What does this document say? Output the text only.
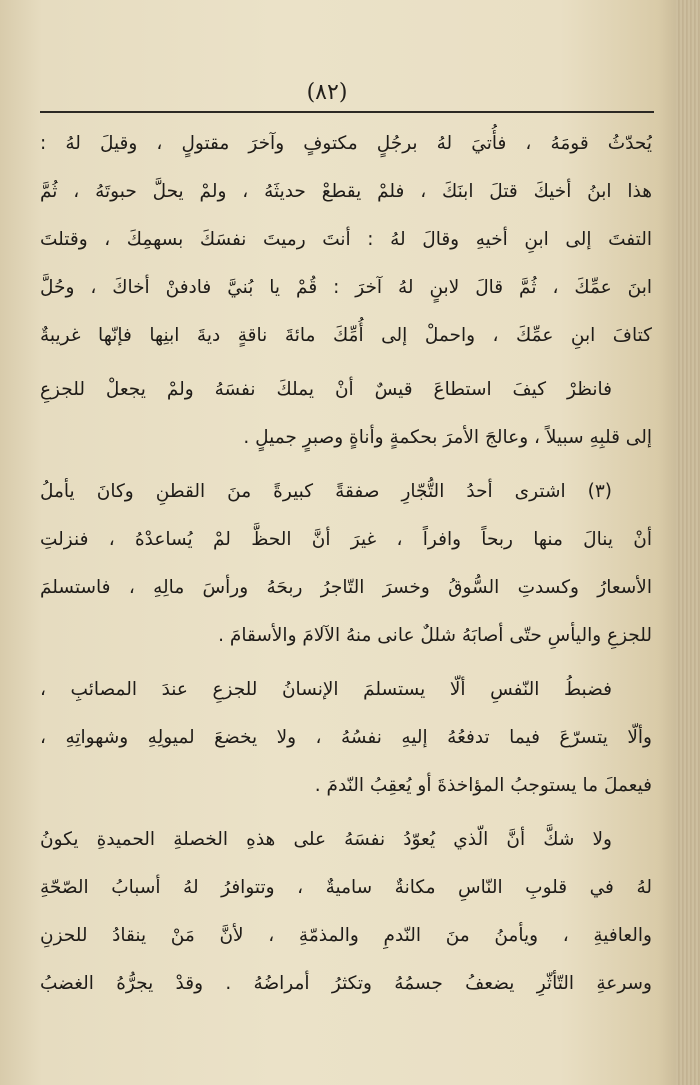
(٨٢)
يُحدّثُ قومَهُ ، فأُتيَ لهُ برجُلٍ مكتوفٍ وآخرَ مقتولٍ ، وقيلَ لهُ :
هذا ابنُ أخيكَ قتلَ ابنَكَ ، فلمْ يقطعْ حديثَهُ ، ولمْ يحلَّ حبوتَهُ ، ثُمَّ
التفتَ إلى ابنِ أخيهِ وقالَ لهُ : أنتَ رميتَ نفسَكَ بسهمِكَ ، وقتلتَ
ابنَ عمِّكَ ، ثُمَّ قالَ لابنٍ لهُ آخرَ : قُمْ يا بُنيَّ فادفنْ أخاكَ ، وحُلَّ
كتافَ ابنِ عمِّكَ ، واحملْ إلى أُمِّكَ مائةَ ناقةٍ ديةَ ابنِها فإنّها غريبةٌ
فانظرْ كيفَ استطاعَ قيسٌ أنْ يملكَ نفسَهُ ولمْ يجعلْ للجزعِ
إلى قلبِهِ سبيلاً ، وعالجَ الأمرَ بحكمةٍ وأناةٍ وصبرٍ جميلٍ .
(٣) اشترى أحدُ التُّجّارِ صفقةً كبيرةً منَ القطنِ وكانَ يأملُ
أنْ ينالَ منها ربحاً وافراً ، غيرَ أنَّ الحظَّ لمْ يُساعدْهُ ، فنزلتِ
الأسعارُ وكسدتِ السُّوقُ وخسرَ التّاجرُ ربحَهُ ورأسَ مالِهِ ، فاستسلمَ
للجزعِ واليأسِ حتّى أصابَهُ شللٌ عانى منهُ الآلامَ والأسقامَ .
فضبطُ النّفسِ ألّا يستسلمَ الإنسانُ للجزعِ عندَ المصائبِ ،
وألّا يتسرّعَ فيما تدفعُهُ إليهِ نفسُهُ ، ولا يخضعَ لميولِهِ وشهواتِهِ ،
فيعملَ ما يستوجبُ المؤاخذةَ أو يُعقِبُ النّدمَ .
ولا شكَّ أنَّ الّذي يُعوّدُ نفسَهُ على هذهِ الخصلةِ الحميدةِ يكونُ
لهُ في قلوبِ النّاسِ مكانةٌ ساميةٌ ، وتتوافرُ لهُ أسبابُ الصّحّةِ
والعافيةِ ، ويأمنُ منَ النّدمِ والمذمّةِ ، لأنَّ مَنْ ينقادُ للحزنِ
وسرعةِ التّأثّرِ يضعفُ جسمُهُ وتكثرُ أمراضُهُ . وقدْ يجرُّهُ الغضبُ
